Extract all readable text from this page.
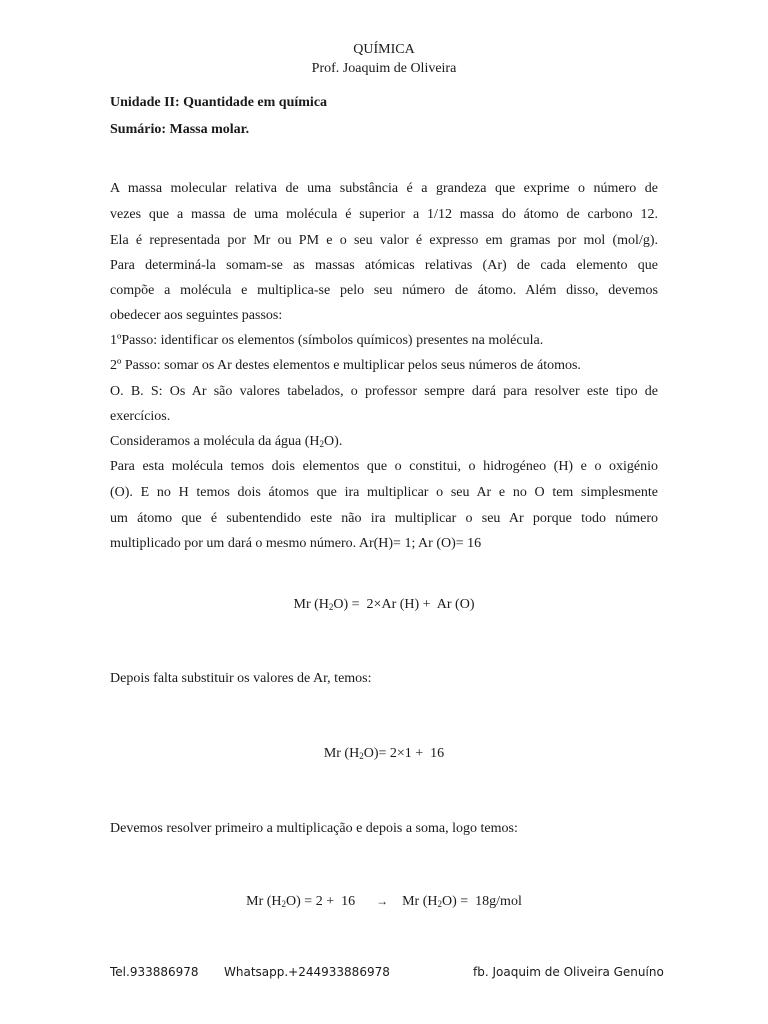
QUÍMICA
Prof. Joaquim de Oliveira
Unidade II: Quantidade em química
Sumário: Massa molar.
A massa molecular relativa de uma substância é a grandeza que exprime o número de
vezes que a massa de uma molécula é superior a 1/12 massa do átomo de carbono 12.
Ela é representada por Mr ou PM e o seu valor é expresso em gramas por mol (mol/g).
Para determiná-la somam-se as massas atómicas relativas (Ar) de cada elemento que
compõe a molécula e multiplica-se pelo seu número de átomo. Além disso, devemos
obedecer aos seguintes passos:
1ºPasso: identificar os elementos (símbolos químicos) presentes na molécula.
2º Passo: somar os Ar destes elementos e multiplicar pelos seus números de átomos.
O. B. S: Os Ar são valores tabelados, o professor sempre dará para resolver este tipo de
exercícios.
Consideramos a molécula da água $(H_2O)$.
Para esta molécula temos dois elementos que o constitui, o hidrogéneo (H) e o oxigénio
(O). E no H temos dois átomos que ira multiplicar o seu Ar e no O tem simplesmente
um átomo que é subentendido este não ira multiplicar o seu Ar porque todo número
multiplicado por um dará o mesmo número. Ar(H)= 1; Ar (O)= 16
Mr $(H_2O) = 2\times Ar$ (H) +  Ar (O)
Depois falta substituir os valores de Ar, temos:
Mr $(H_2O)= 2\times 1 + 16$
Devemos resolver primeiro a multiplicação e depois a soma, logo temos:
Mr $(H_2O) = 2 + 16$      →    Mr $(H_2O) = 18g/mol$
Tel.933886978 Whatsapp.+244933886978	fb. Joaquim de Oliveira Genuíno
